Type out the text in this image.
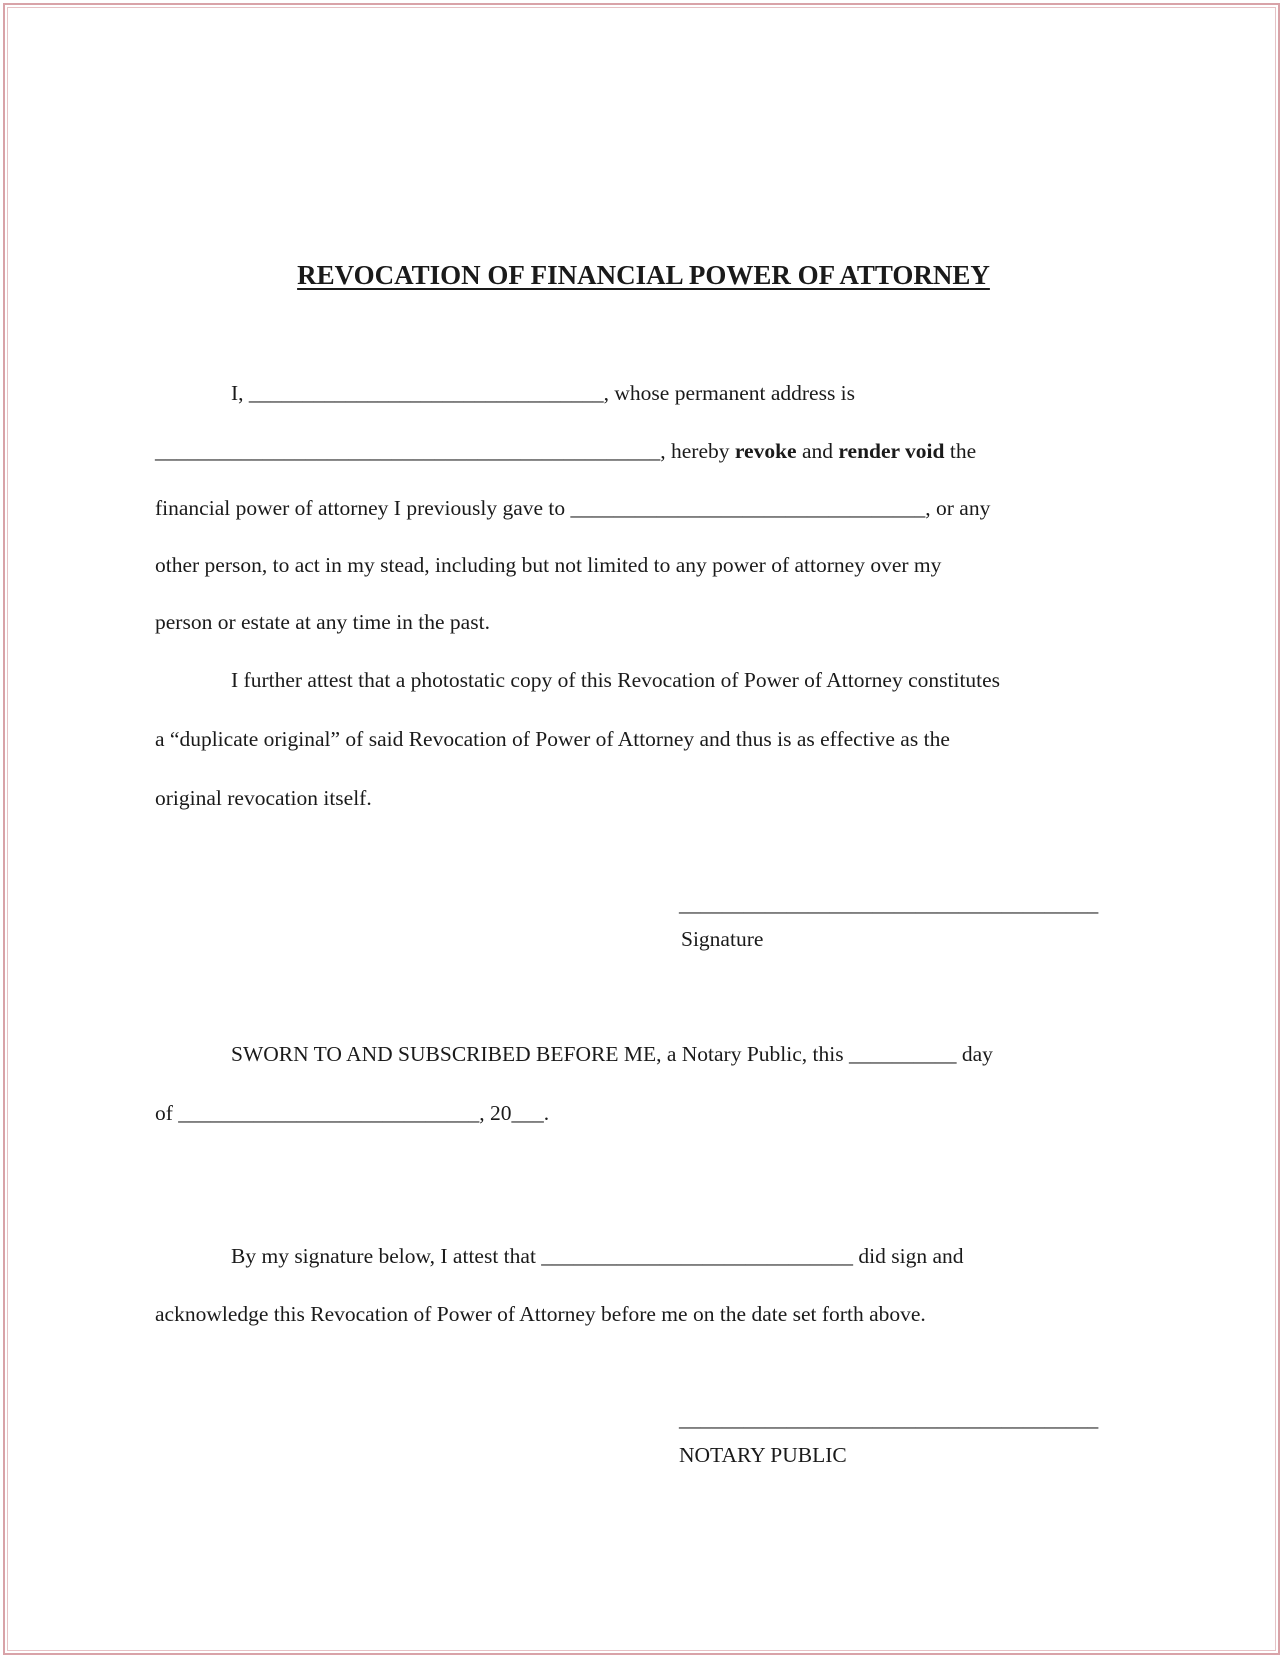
REVOCATION OF FINANCIAL POWER OF ATTORNEY
I, _________________________________, whose permanent address is
_______________________________________________, hereby revoke and render void the
financial power of attorney I previously gave to _________________________________, or any
other person, to act in my stead, including but not limited to any power of attorney over my
person or estate at any time in the past.
I further attest that a photostatic copy of this Revocation of Power of Attorney constitutes
a “duplicate original” of said Revocation of Power of Attorney and thus is as effective as the
original revocation itself.
_______________________________________
Signature
SWORN TO AND SUBSCRIBED BEFORE ME, a Notary Public, this __________ day
of ____________________________, 20___.
By my signature below, I attest that _____________________________ did sign and
acknowledge this Revocation of Power of Attorney before me on the date set forth above.
_______________________________________
NOTARY PUBLIC
